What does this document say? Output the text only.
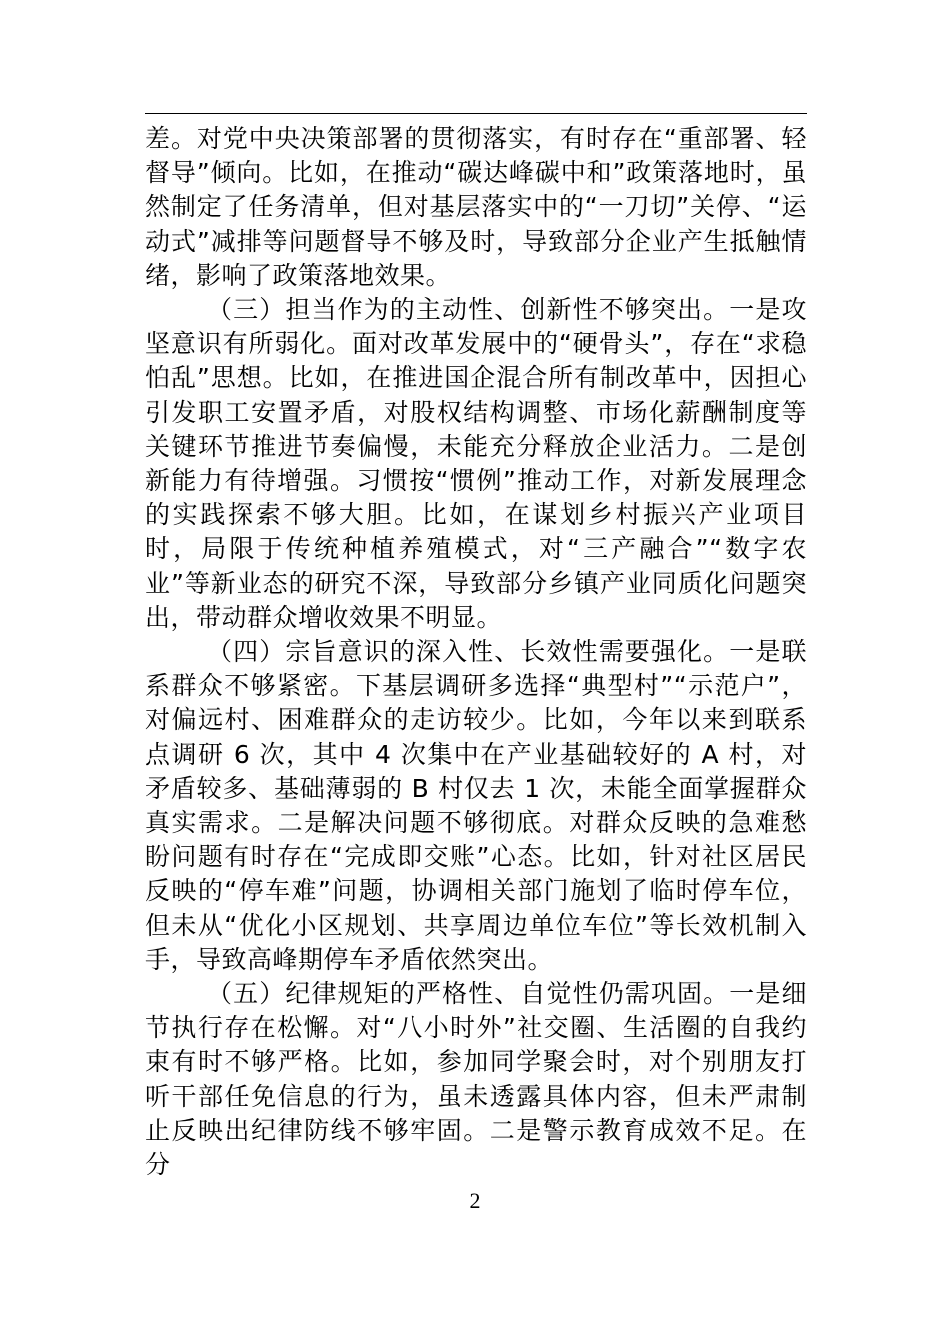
差。对党中央决策部署的贯彻落实，有时存在“重部署、轻督导”倾向。比如，在推动“碳达峰碳中和”政策落地时，虽然制定了任务清单，但对基层落实中的“一刀切”关停、“运动式”减排等问题督导不够及时，导致部分企业产生抵触情绪，影响了政策落地效果。

（三）担当作为的主动性、创新性不够突出。一是攻坚意识有所弱化。面对改革发展中的“硬骨头”，存在“求稳怕乱”思想。比如，在推进国企混合所有制改革中，因担心引发职工安置矛盾，对股权结构调整、市场化薪酬制度等关键环节推进节奏偏慢，未能充分释放企业活力。二是创新能力有待增强。习惯按“惯例”推动工作，对新发展理念的实践探索不够大胆。比如，在谋划乡村振兴产业项目时，局限于传统种植养殖模式，对“三产融合”“数字农业”等新业态的研究不深，导致部分乡镇产业同质化问题突出，带动群众增收效果不明显。

（四）宗旨意识的深入性、长效性需要强化。一是联系群众不够紧密。下基层调研多选择“典型村”“示范户”，对偏远村、困难群众的走访较少。比如，今年以来到联系点调研 6 次，其中 4 次集中在产业基础较好的 A 村，对矛盾较多、基础薄弱的 B 村仅去 1 次，未能全面掌握群众真实需求。二是解决问题不够彻底。对群众反映的急难愁盼问题有时存在“完成即交账”心态。比如，针对社区居民反映的“停车难”问题，协调相关部门施划了临时停车位，但未从“优化小区规划、共享周边单位车位”等长效机制入手，导致高峰期停车矛盾依然突出。

（五）纪律规矩的严格性、自觉性仍需巩固。一是细节执行存在松懈。对“八小时外”社交圈、生活圈的自我约束有时不够严格。比如，参加同学聚会时，对个别朋友打听干部任免信息的行为，虽未透露具体内容，但未严肃制止反映出纪律防线不够牢固。二是警示教育成效不足。在分

2
